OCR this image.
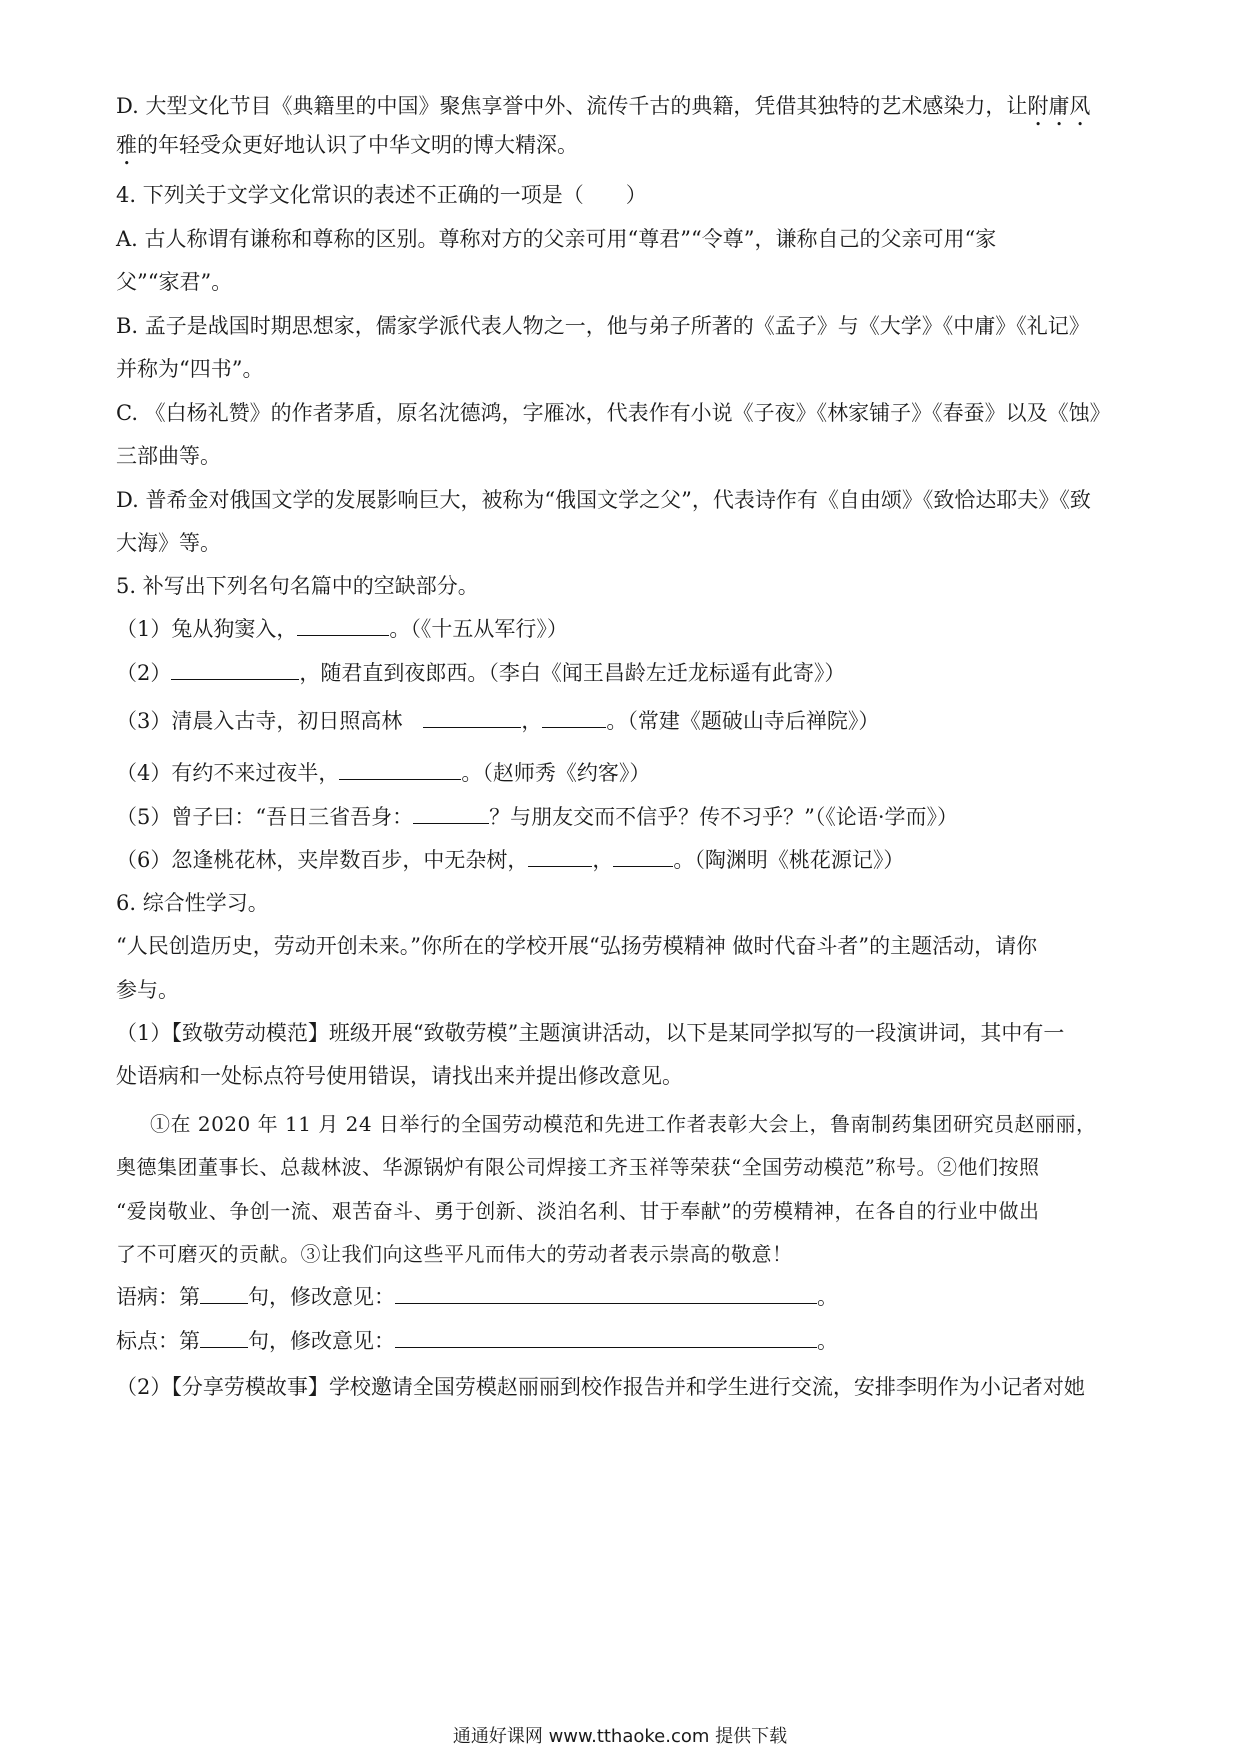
D. 大型文化节目《典籍里的中国》聚焦享誉中外、流传千古的典籍，凭借其独特的艺术感染力，让附庸风
雅的年轻受众更好地认识了中华文明的博大精深。
4. 下列关于文学文化常识的表述不正确的一项是（　　）
A. 古人称谓有谦称和尊称的区别。尊称对方的父亲可用“尊君”“令尊”，谦称自己的父亲可用“家
父”“家君”。
B. 孟子是战国时期思想家，儒家学派代表人物之一，他与弟子所著的《孟子》与《大学》《中庸》《礼记》
并称为“四书”。
C. 《白杨礼赞》的作者茅盾，原名沈德鸿，字雁冰，代表作有小说《子夜》《林家铺子》《春蚕》以及《蚀》
三部曲等。
D. 普希金对俄国文学的发展影响巨大，被称为“俄国文学之父”，代表诗作有《自由颂》《致恰达耶夫》《致
大海》等。
5. 补写出下列名句名篇中的空缺部分。
（1）兔从狗窦入，	。（《十五从军行》）
（2）	，随君直到夜郎西。（李白《闻王昌龄左迁龙标遥有此寄》）
（3）清晨入古寺，初日照高林　	，	。（常建《题破山寺后禅院》）
（4）有约不来过夜半，	。（赵师秀《约客》）
（5）曾子曰：“吾日三省吾身：	？与朋友交而不信乎？传不习乎？”（《论语·学而》）
（6）忽逢桃花林，夹岸数百步，中无杂树，	，	。（陶渊明《桃花源记》）
6. 综合性学习。
“人民创造历史，劳动开创未来。”你所在的学校开展“弘扬劳模精神 做时代奋斗者”的主题活动，请你
参与。
（1）【致敬劳动模范】班级开展“致敬劳模”主题演讲活动，以下是某同学拟写的一段演讲词，其中有一
处语病和一处标点符号使用错误，请找出来并提出修改意见。
①在 2020 年 11 月 24 日举行的全国劳动模范和先进工作者表彰大会上，鲁南制药集团研究员赵丽丽，
奥德集团董事长、总裁林波、华源锅炉有限公司焊接工齐玉祥等荣获“全国劳动模范”称号。②他们按照
“爱岗敬业、争创一流、艰苦奋斗、勇于创新、淡泊名利、甘于奉献”的劳模精神，在各自的行业中做出
了不可磨灭的贡献。③让我们向这些平凡而伟大的劳动者表示崇高的敬意！
语病：第 句，修改意见：	。
标点：第 句，修改意见：	。
（2）【分享劳模故事】学校邀请全国劳模赵丽丽到校作报告并和学生进行交流，安排李明作为小记者对她
通通好课网 www.tthaoke.com 提供下载
